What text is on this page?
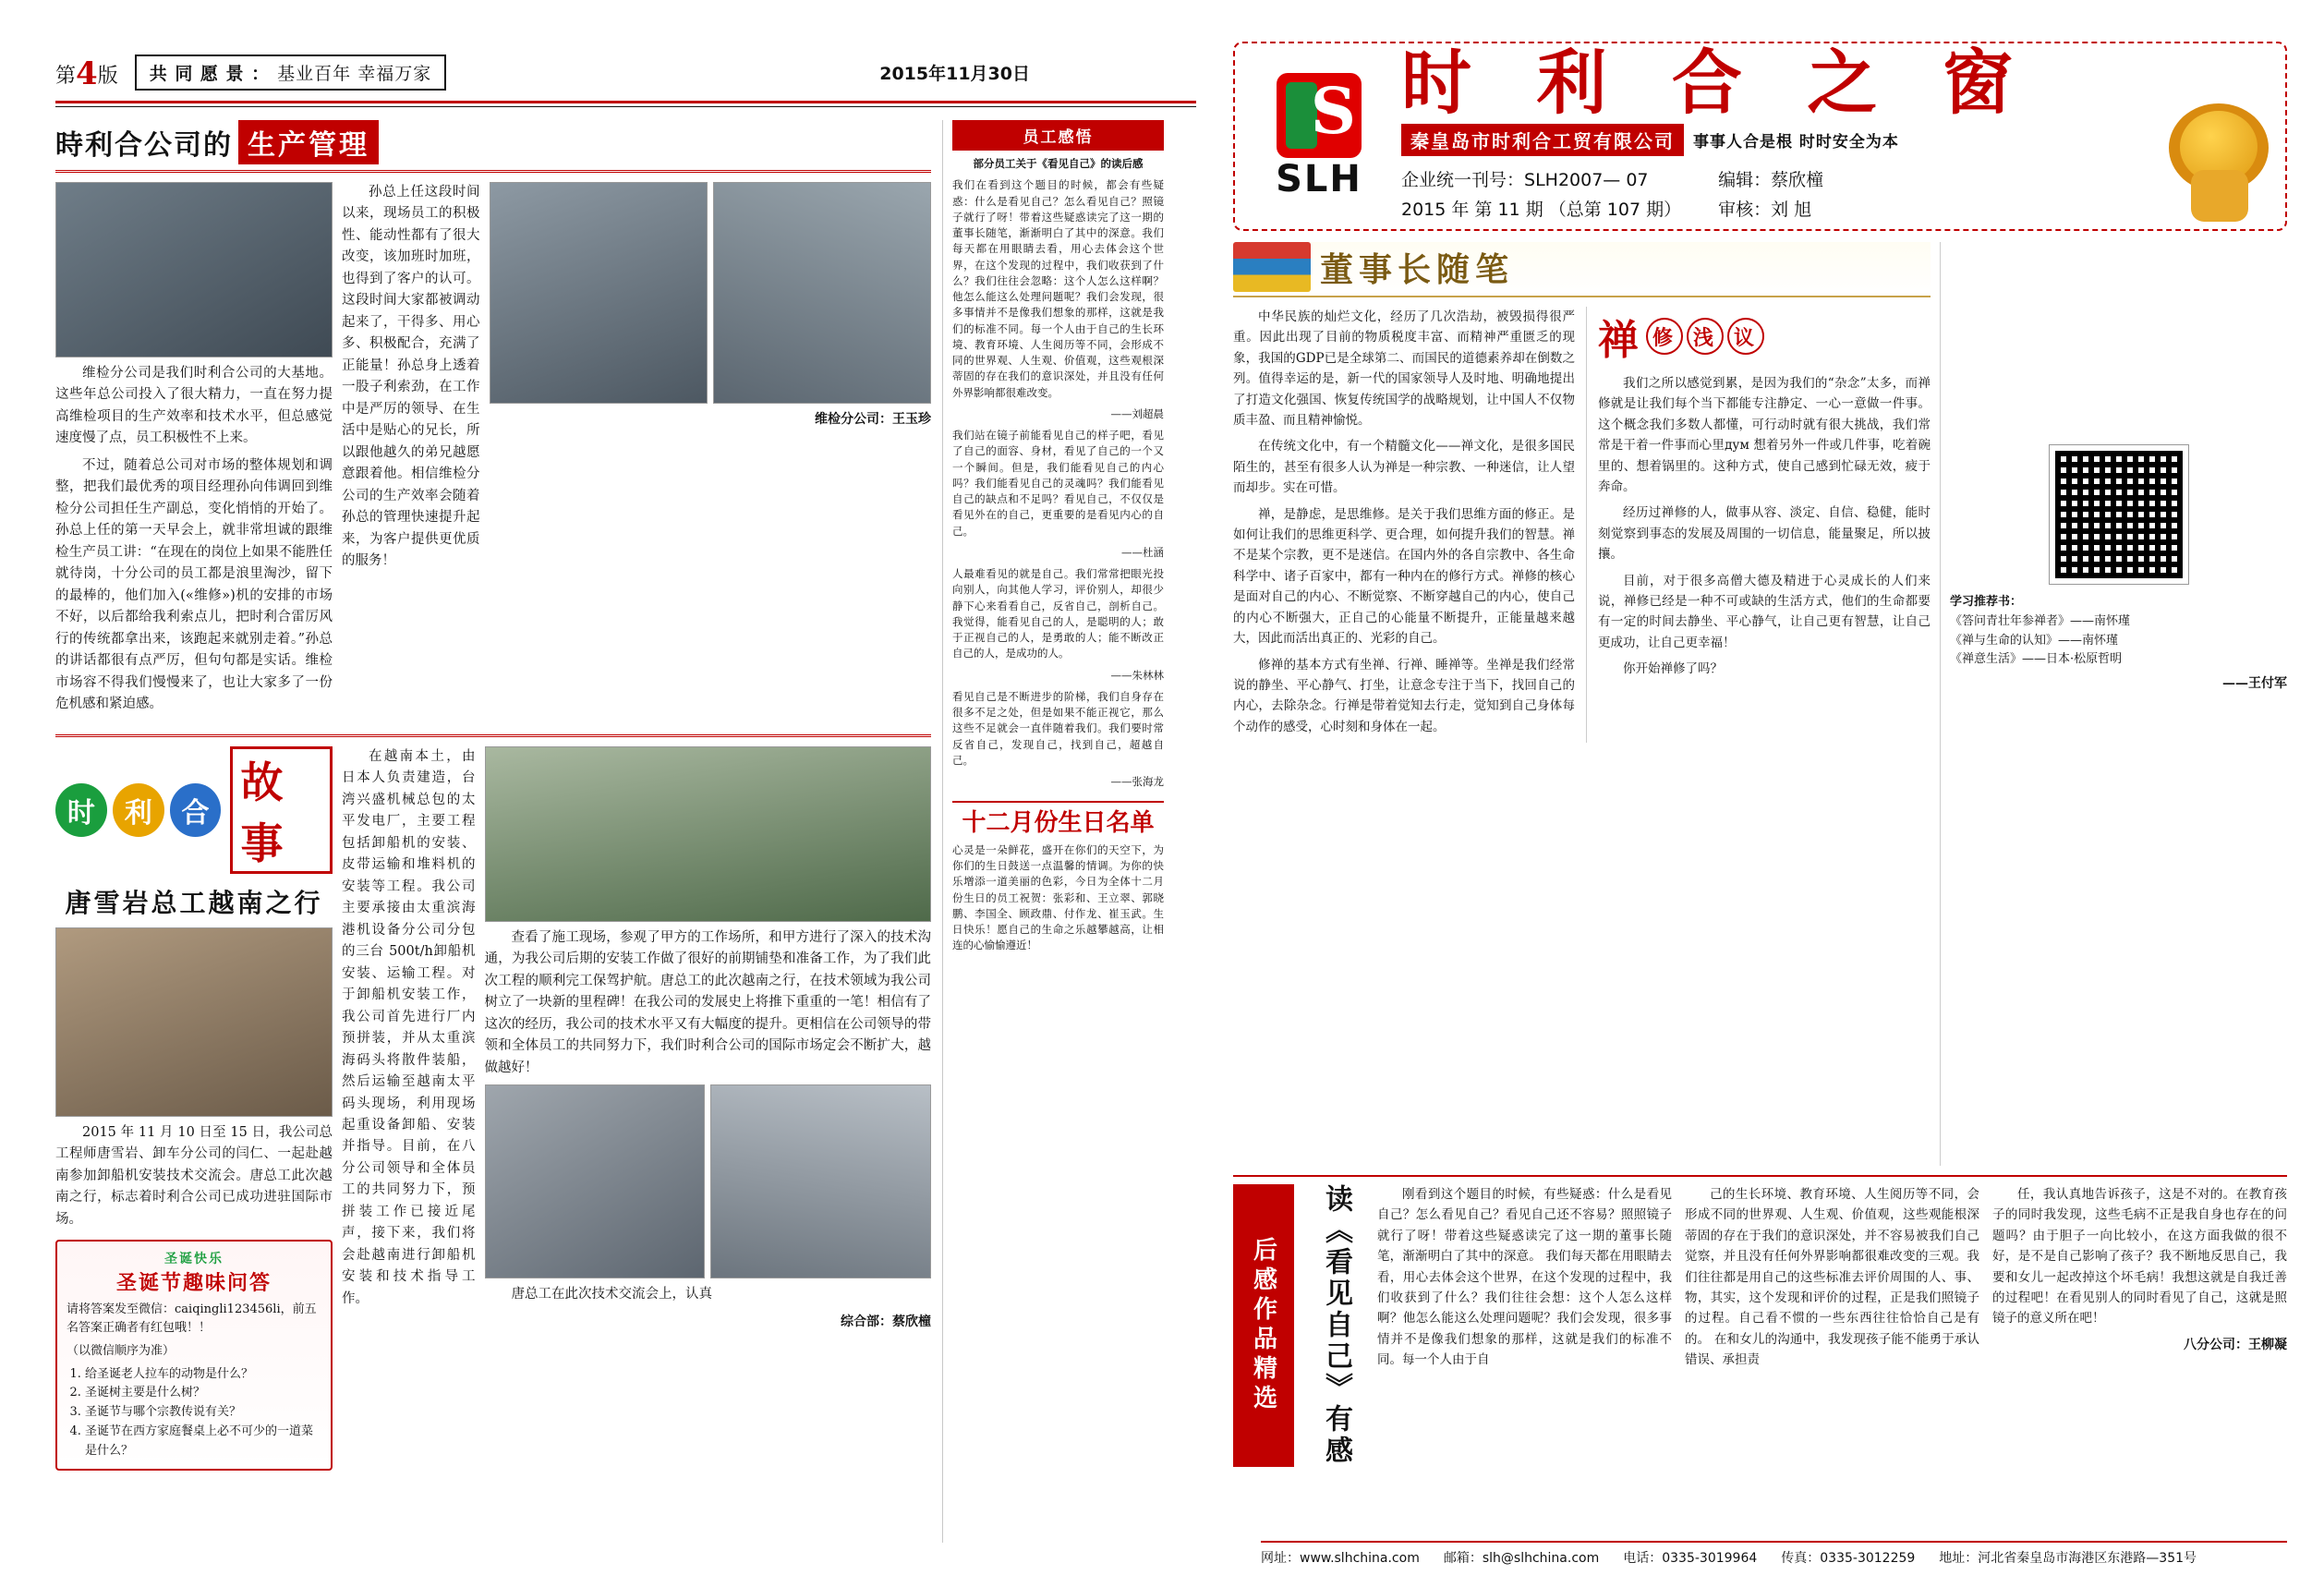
第4版 共 同 愿 景 ： 基业百年 幸福万家	2015年11月30日
時利合公司的 生产管理

维检分公司是我们时利合公司的大基地。这些年总公司投入了很大精力，一直在努力提高维检项目的生产效率和技术水平，但总感觉速度慢了点，员工积极性不上来。

不过，随着总公司对市场的整体规划和调整，把我们最优秀的项目经理孙向伟调回到维检分公司担任生产副总，变化悄悄的开始了。孙总上任的第一天早会上，就非常坦诚的跟维检生产员工讲：“在现在的岗位上如果不能胜任就待岗，十分公司的员工都是浪里淘沙，留下的最棒的，他们加入(«维修»)机的安排的市场不好，以后都给我利索点儿，把时利合雷厉风行的传统都拿出来，该跑起来就别走着。”孙总的讲话都很有点严厉，但句句都是实话。维检市场容不得我们慢慢来了，也让大家多了一份危机感和紧迫感。

孙总上任这段时间以来，现场员工的积极性、能动性都有了很大改变，该加班时加班，也得到了客户的认可。这段时间大家都被调动起来了，干得多、用心多、积极配合，充满了正能量！孙总身上透着一股子利索劲，在工作中是严厉的领导、在生活中是贴心的兄长，所以跟他越久的弟兄越愿意跟着他。相信维检分公司的生产效率会随着孙总的管理快速提升起来，为客户提供更优质的服务！

维检分公司：王玉珍
时	利	合
故事
唐雪岩总工越南之行

2015 年 11 月 10 日至 15 日，我公司总工程师唐雪岩、卸车分公司的闫仁、一起赴越南参加卸船机安装技术交流会。唐总工此次越南之行，标志着时利合公司已成功进驻国际市场。

圣诞快乐
圣诞节趣味问答
请将答案发至微信：caiqingli123456li，前五名答案正确者有红包哦！！
（以微信顺序为准）
1. 给圣诞老人拉车的动物是什么？
2. 圣诞树主要是什么树？
3. 圣诞节与哪个宗教传说有关？
4. 圣诞节在西方家庭餐桌上必不可少的一道菜是什么？

在越南本土，由日本人负责建造，台湾兴盛机械总包的太平发电厂，主要工程包括卸船机的安装、皮带运输和堆料机的安装等工程。我公司主要承接由太重滨海港机设备分公司分包的三台 500t/h卸船机安装、运输工程。对于卸船机安装工作，我公司首先进行厂内预拼装，并从太重滨海码头将散件装船，然后运输至越南太平码头现场，利用现场起重设备卸船、安装并指导。目前，在八分公司领导和全体员工的共同努力下，预拼装工作已接近尾声，接下来，我们将会赴越南进行卸船机安装和技术指导工作。

查看了施工现场，参观了甲方的工作场所，和甲方进行了深入的技术沟通，为我公司后期的安装工作做了很好的前期铺垫和准备工作，为了我们此次工程的顺利完工保驾护航。唐总工的此次越南之行，在技术领域为我公司树立了一块新的里程碑！在我公司的发展史上将推下重重的一笔！相信有了这次的经历，我公司的技术水平又有大幅度的提升。更相信在公司领导的带领和全体员工的共同努力下，我们时利合公司的国际市场定会不断扩大，越做越好！

唐总工在此次技术交流会上，认真

综合部：蔡欣橦
员工感悟
部分员工关于《看见自己》的读后感
我们在看到这个题目的时候，都会有些疑惑：什么是看见自己？怎么看见自己？照镜子就行了呀！带着这些疑惑读完了这一期的董事长随笔，渐渐明白了其中的深意。我们每天都在用眼睛去看，用心去体会这个世界，在这个发现的过程中，我们收获到了什么？我们往往会忽略：这个人怎么这样啊？他怎么能这么处理问题呢？我们会发现，很多事情并不是像我们想象的那样，这就是我们的标准不同。每一个人由于自己的生长环境、教育环境、人生阅历等不同，会形成不同的世界观、人生观、价值观，这些观根深蒂固的存在我们的意识深处，并且没有任何外界影响都很难改变。
——刘超晨
我们站在镜子前能看见自己的样子吧，看见了自己的面容、身材，看见了自己的一个又一个瞬间。但是，我们能看见自己的内心吗？我们能看见自己的灵魂吗？我们能看见自己的缺点和不足吗？看见自己，不仅仅是看见外在的自己，更重要的是看见内心的自己。
——杜涵
人最难看见的就是自己。我们常常把眼光投向别人，向其他人学习，评价别人，却很少静下心来看看自己，反省自己，剖析自己。我觉得，能看见自己的人，是聪明的人；敢于正视自己的人，是勇敢的人；能不断改正自己的人，是成功的人。
——朱林林
看见自己是不断进步的阶梯，我们自身存在很多不足之处，但是如果不能正视它，那么这些不足就会一直伴随着我们。我们要时常反省自己，发现自己，找到自己，超越自己。
——张海龙
十二月份生日名单
心灵是一朵鲜花，盛开在你们的天空下，为你们的生日鼓送一点温馨的情调。为你的快乐增添一道美丽的色彩，今日为全体十二月份生日的员工祝贺：张彩和、王立翠、郭晓鹏、李国全、顾政鼎、付作龙、崔玉武。生日快乐！愿自己的生命之乐越攀越高，让相连的心愉愉遵近！
S
SLH
时 利 合 之 窗
秦皇岛市时利合工贸有限公司	事事人合是根 时时安全为本
企业统一刊号：SLH2007— 07
2015 年 第 11 期 （总第 107 期）
编辑：蔡欣橦
审核：刘 旭
董事长随笔

中华民族的灿烂文化，经历了几次浩劫，被毁损得很严重。因此出现了目前的物质税度丰富、而精神严重匮乏的现象，我国的GDP已是全球第二、而国民的道德素养却在倒数之列。值得幸运的是，新一代的国家领导人及时地、明确地提出了打造文化强国、恢复传统国学的战略规划，让中国人不仅物质丰盈、而且精神愉悦。

在传统文化中，有一个精髓文化——禅文化，是很多国民陌生的，甚至有很多人认为禅是一种宗教、一种迷信，让人望而却步。实在可惜。

禅，是静虑，是思维修。是关于我们思维方面的修正。是如何让我们的思维更科学、更合理，如何提升我们的智慧。禅不是某个宗教，更不是迷信。在国内外的各自宗教中、各生命科学中、诸子百家中，都有一种内在的修行方式。禅修的核心是面对自己的内心、不断觉察、不断穿越自己的内心，使自己的内心不断强大，正自己的心能量不断提升，正能量越来越大，因此而活出真正的、光彩的自己。

修禅的基本方式有坐禅、行禅、睡禅等。坐禅是我们经常说的静坐、平心静气、打坐，让意念专注于当下，找回自己的内心，去除杂念。行禅是带着觉知去行走，觉知到自己身体每个动作的感受，心时刻和身体在一起。

禅 修 浅 议

我们之所以感觉到累，是因为我们的“杂念”太多，而禅修就是让我们每个当下都能专注静定、一心一意做一件事。这个概念我们多数人都懂，可行动时就有很大挑战，我们常常是干着一件事而心里дум 想着另外一件或几件事，吃着碗里的、想着锅里的。这种方式，使自己感到忙碌无效，疲于奔命。

经历过禅修的人，做事从容、淡定、自信、稳健，能时刻觉察到事态的发展及周围的一切信息，能量聚足，所以披攘。

目前，对于很多高僧大德及精进于心灵成长的人们来说，禅修已经是一种不可或缺的生活方式，他们的生命都要有一定的时间去静坐、平心静气，让自己更有智慧，让自己更成功，让自己更幸福！

你开始禅修了吗？

学习推荐书：
《答问青壮年参禅者》——南怀瑾
《禅与生命的认知》——南怀瑾
《禅意生活》——日本·松原哲明
——王付军
后感作品精选 读《看见自己》有感	刚看到这个题目的时候，有些疑惑：什么是看见自己？怎么看见自己？看见自己还不容易？照照镜子就行了呀！带着这些疑惑读完了这一期的董事长随笔，渐渐明白了其中的深意。 我们每天都在用眼睛去看，用心去体会这个世界，在这个发现的过程中，我们收获到了什么？我们往往会想：这个人怎么这样啊？他怎么能这么处理问题呢？我们会发现，很多事情并不是像我们想象的那样，这就是我们的标准不同。每一个人由于自

己的生长环境、教育环境、人生阅历等不同，会形成不同的世界观、人生观、价值观，这些观能根深蒂固的存在于我们的意识深处，并不容易被我们自己觉察，并且没有任何外界影响都很难改变的三观。我们往往都是用自己的这些标准去评价周围的人、事、物，其实，这个发现和评价的过程，正是我们照镜子的过程。自己看不惯的一些东西往往恰恰自己是有的。 在和女儿的沟通中，我发现孩子能不能勇于承认错误、承担责

任，我认真地告诉孩子，这是不对的。在教育孩子的同时我发现，这些毛病不正是我自身也存在的问题吗？由于胆子一向比较小，在这方面我做的很不好，是不是自己影响了孩子？我不断地反思自己，我要和女儿一起改掉这个坏毛病！我想这就是自我迁善的过程吧！在看见别人的同时看见了自己，这就是照镜子的意义所在吧！

八分公司：王柳凝
网址：www.slhchina.com 邮箱：slh@slhchina.com 电话：0335-3019964 传真：0335-3012259 地址：河北省秦皇岛市海港区东港路—351号
